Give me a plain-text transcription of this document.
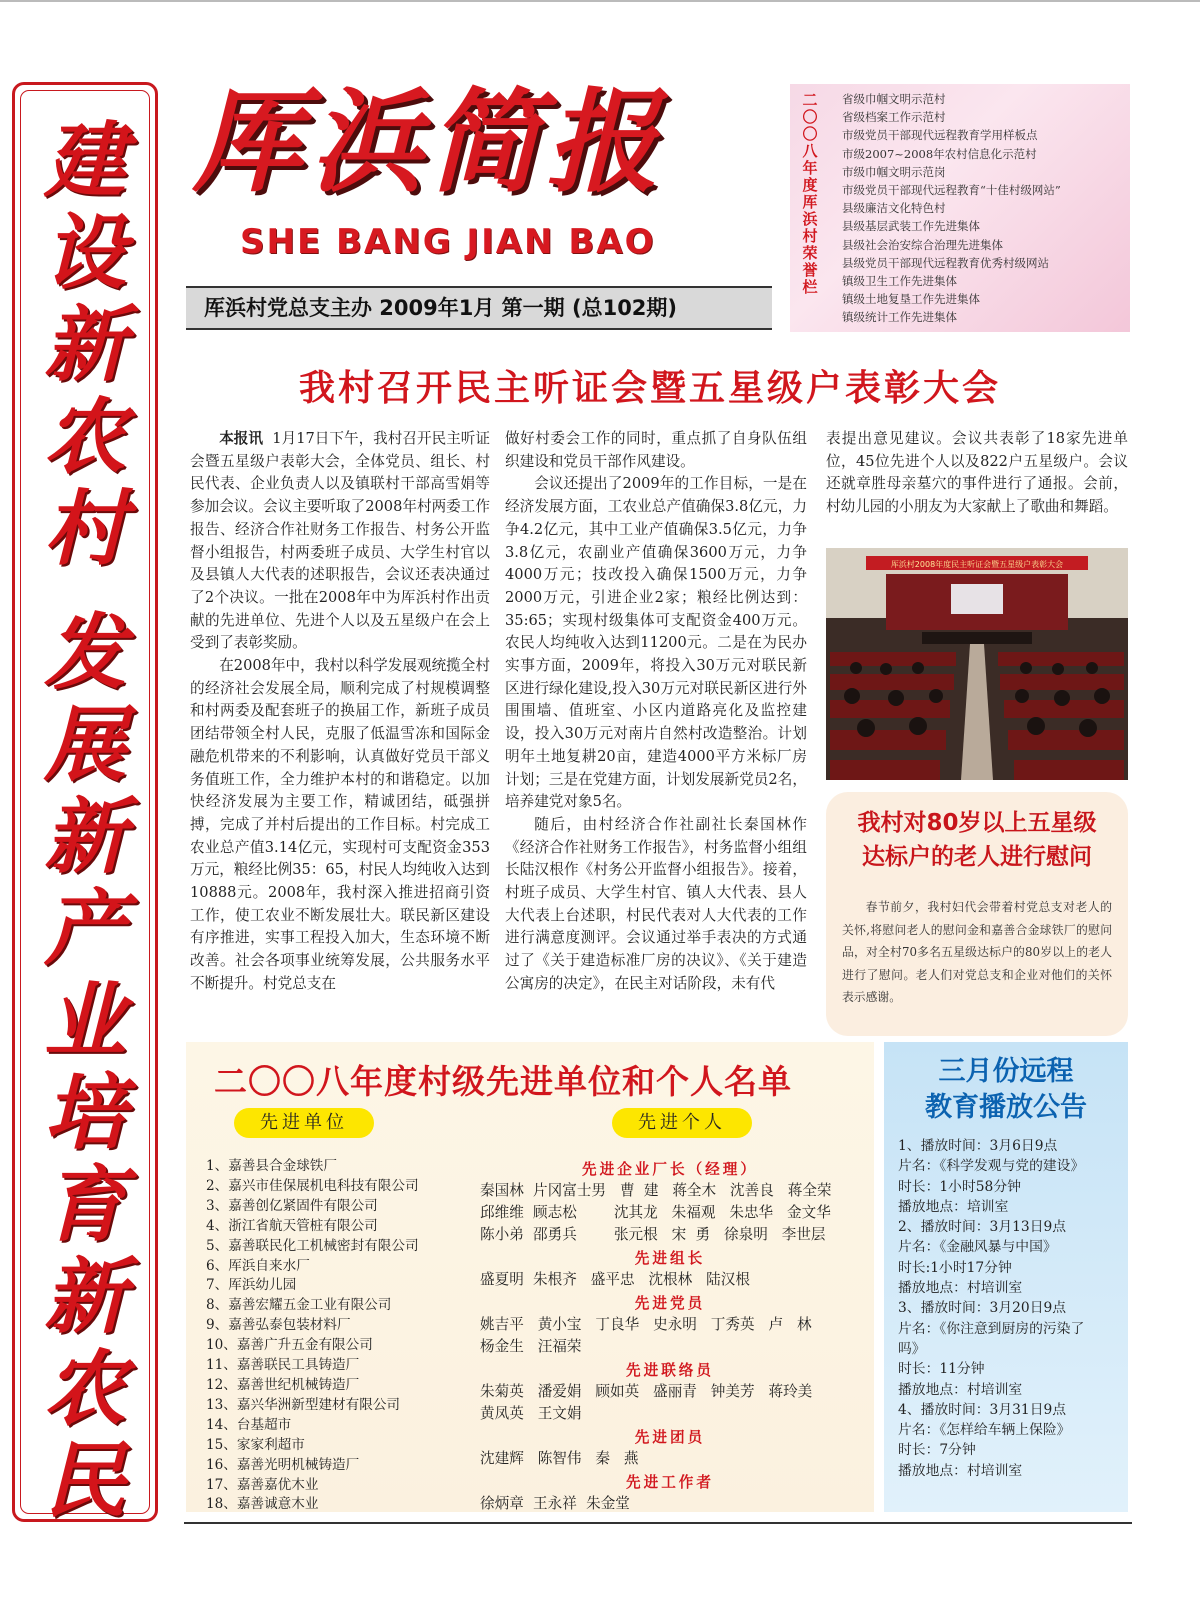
建
设
新
农
村
发
展
新
产
业
培
育
新
农
民
厍浜简报
SHE BANG JIAN BAO
厍浜村党总支主办 2009年1月 第一期 (总102期)
二〇〇八年度厍浜村荣誉栏
省级巾帼文明示范村
省级档案工作示范村
市级党员干部现代远程教育学用样板点
市级2007~2008年农村信息化示范村
市级巾帼文明示范岗
市级党员干部现代远程教育“十佳村级网站”
县级廉洁文化特色村
县级基层武装工作先进集体
县级社会治安综合治理先进集体
县级党员干部现代远程教育优秀村级网站
镇级卫生工作先进集体
镇级土地复垦工作先进集体
镇级统计工作先进集体
我村召开民主听证会暨五星级户表彰大会

本报讯 1月17日下午，我村召开民主听证会暨五星级户表彰大会，全体党员、组长、村民代表、企业负责人以及镇联村干部高雪娟等参加会议。会议主要听取了2008年村两委工作报告、经济合作社财务工作报告、村务公开监督小组报告，村两委班子成员、大学生村官以及县镇人大代表的述职报告，会议还表决通过了2个决议。一批在2008年中为厍浜村作出贡献的先进单位、先进个人以及五星级户在会上受到了表彰奖励。

在2008年中，我村以科学发展观统揽全村的经济社会发展全局，顺利完成了村规模调整和村两委及配套班子的换届工作，新班子成员团结带领全村人民，克服了低温雪冻和国际金融危机带来的不利影响，认真做好党员干部义务值班工作，全力维护本村的和谐稳定。以加快经济发展为主要工作，精诚团结，砥强拼搏，完成了并村后提出的工作目标。村完成工农业总产值3.14亿元，实现村可支配资金353万元，粮经比例35：65，村民人均纯收入达到10888元。2008年，我村深入推进招商引资工作，使工农业不断发展壮大。联民新区建设有序推进，实事工程投入加大，生态环境不断改善。社会各项事业统筹发展，公共服务水平不断提升。村党总支在

做好村委会工作的同时，重点抓了自身队伍组织建设和党员干部作风建设。

会议还提出了2009年的工作目标，一是在经济发展方面，工农业总产值确保3.8亿元，力争4.2亿元，其中工业产值确保3.5亿元，力争3.8亿元，农副业产值确保3600万元，力争4000万元；技改投入确保1500万元，力争2000万元，引进企业2家；粮经比例达到：35:65；实现村级集体可支配资金400万元。农民人均纯收入达到11200元。二是在为民办实事方面，2009年，将投入30万元对联民新区进行绿化建设,投入30万元对联民新区进行外围围墙、值班室、小区内道路亮化及监控建设，投入30万元对南片自然村改造整治。计划明年土地复耕20亩，建造4000平方米标厂房计划；三是在党建方面，计划发展新党员2名，培养建党对象5名。

随后，由村经济合作社副社长秦国林作《经济合作社财务工作报告》，村务监督小组组长陆汉根作《村务公开监督小组报告》。接着，村班子成员、大学生村官、镇人大代表、县人大代表上台述职，村民代表对人大代表的工作进行满意度测评。会议通过举手表决的方式通过了《关于建造标准厂房的决议》、《关于建造公寓房的决定》，在民主对话阶段，未有代

表提出意见建议。会议共表彰了18家先进单位，45位先进个人以及822户五星级户。会议还就章胜母亲墓穴的事件进行了通报。会前，村幼儿园的小朋友为大家献上了歌曲和舞蹈。

厍浜村2008年度民主听证会暨五星级户表彰大会
我村对80岁以上五星级达标户的老人进行慰问
春节前夕，我村妇代会带着村党总支对老人的关怀,将慰问老人的慰问金和嘉善合金球铁厂的慰问品，对全村70多名五星级达标户的80岁以上的老人进行了慰问。老人们对党总支和企业对他们的关怀表示感谢。
二〇〇八年度村级先进单位和个人名单
先进单位	先进个人
1、嘉善县合金球铁厂
2、嘉兴市佳保展机电科技有限公司
3、嘉善创亿紧固件有限公司
4、浙江省航天管桩有限公司
5、嘉善联民化工机械密封有限公司
6、厍浜自来水厂
7、厍浜幼儿园
8、嘉善宏耀五金工业有限公司
9、嘉善弘泰包装材料厂
10、嘉善广升五金有限公司
11、嘉善联民工具铸造厂
12、嘉善世纪机械铸造厂
13、嘉兴华洲新型建材有限公司
14、台基超市
15、家家利超市
16、嘉善光明机械铸造厂
17、嘉善嘉优木业
18、嘉善诚意木业
先进企业厂长（经理）
秦国林  片冈富士男   曹  建   蒋全木   沈善良   蒋全荣
邱维维  顾志松        沈其龙   朱福观   朱忠华   金文华
陈小弟  邵勇兵        张元根   宋  勇   徐泉明   李世层
先进组长
盛夏明  朱根齐   盛平忠   沈根林   陆汉根
先进党员
姚吉平   黄小宝   丁良华   史永明   丁秀英   卢   林
杨金生   汪福荣
先进联络员
朱菊英   潘爱娟   顾如英   盛丽青   钟美芳   蒋玲美
黄凤英   王文娟
先进团员
沈建辉   陈智伟   秦   燕
先进工作者
徐炳章  王永祥  朱金堂
三月份远程
教育播放公告
1、播放时间：3月6日9点
片名：《科学发观与党的建设》
时长：1小时58分钟
播放地点：培训室
2、播放时间：3月13日9点
片名：《金融风暴与中国》
时长:1小时17分钟
播放地点：村培训室
3、播放时间：3月20日9点
片名：《你注意到厨房的污染了
吗》
时长：11分钟
播放地点：村培训室
4、播放时间：3月31日9点
片名：《怎样给车辆上保险》
时长：7分钟
播放地点：村培训室
